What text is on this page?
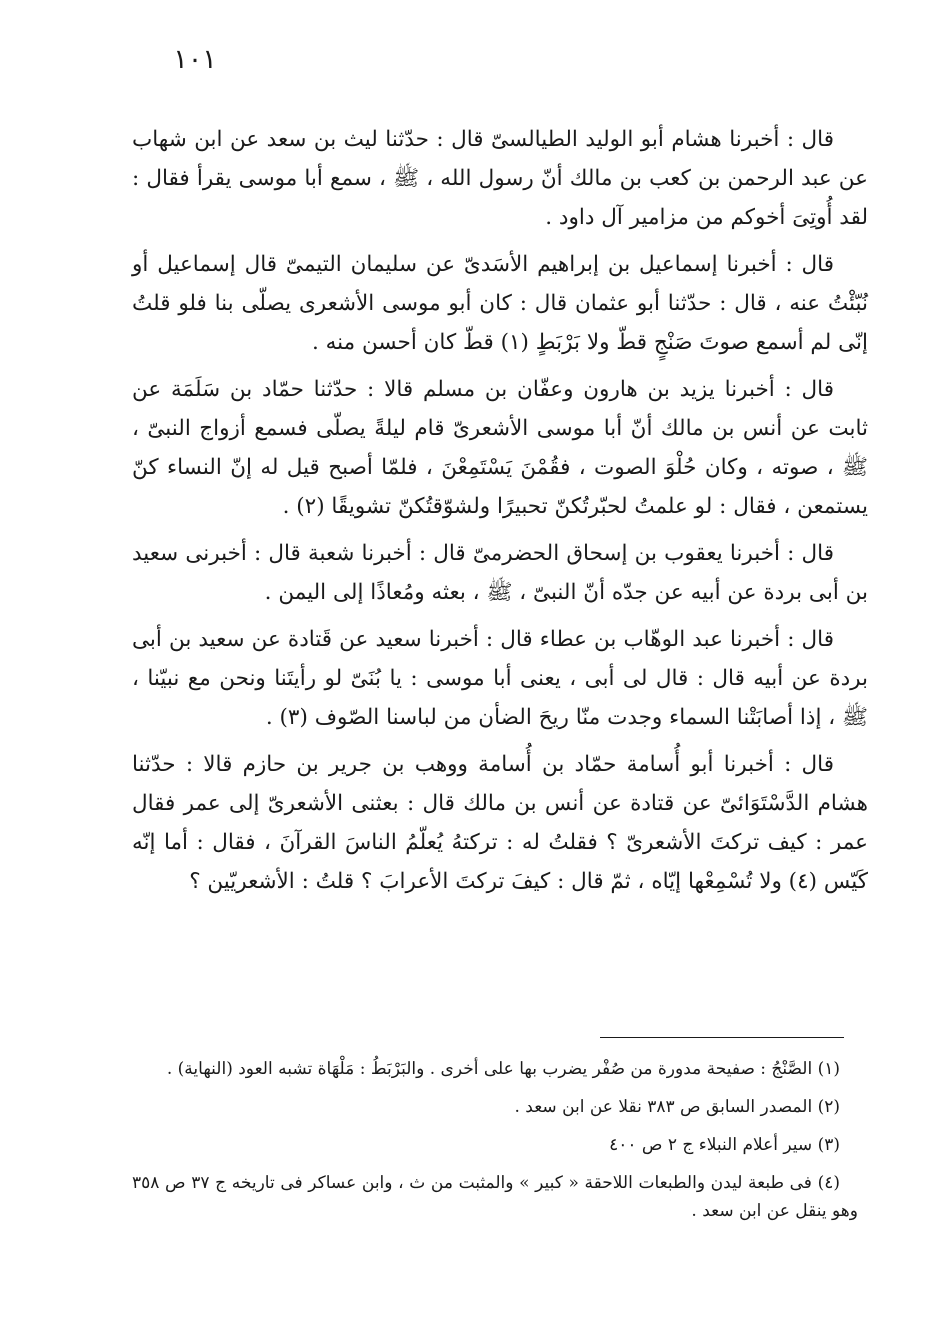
١٠١

قال : أخبرنا هشام أبو الوليد الطيالسىّ قال : حدّثنا ليث بن سعد عن ابن شهاب عن عبد الرحمن بن كعب بن مالك أنّ رسول الله ، ﷺ ، سمع أبا موسى يقرأ فقال : لقد أُوتِىَ أخوكم من مزامير آل داود .

قال : أخبرنا إسماعيل بن إبراهيم الأسَدىّ عن سليمان التيمىّ قال إسماعيل أو نُبّئْتُ عنه ، قال : حدّثنا أبو عثمان قال : كان أبو موسى الأشعرى يصلّى بنا فلو قلتُ إنّى لم أسمع صوتَ صَنْجٍ قطّ ولا بَرْبَطٍ (١) قطّ كان أحسن منه .

قال : أخبرنا يزيد بن هارون وعفّان بن مسلم قالا : حدّثنا حمّاد بن سَلَمَة عن ثابت عن أنس بن مالك أنّ أبا موسى الأشعرىّ قام ليلةً يصلّى فسمع أزواج النبىّ ، ﷺ ، صوته ، وكان حُلْوَ الصوت ، فقُمْنَ يَسْتَمِعْنَ ، فلمّا أصبح قيل له إنّ النساء كنّ يستمعن ، فقال : لو علمتُ لحبّرتُكنّ تحبيرًا ولشوّقتُكنّ تشويقًا (٢) .

قال : أخبرنا يعقوب بن إسحاق الحضرمىّ قال : أخبرنا شعبة قال : أخبرنى سعيد بن أبى بردة عن أبيه عن جدّه أنّ النبىّ ، ﷺ ، بعثه ومُعاذًا إلى اليمن .

قال : أخبرنا عبد الوهّاب بن عطاء قال : أخبرنا سعيد عن قَتادة عن سعيد بن أبى بردة عن أبيه قال : قال لى أبى ، يعنى أبا موسى : يا بُنَىّ لو رأيتَنا ونحن مع نبيّنا ، ﷺ ، إذا أصابَتْنا السماء وجدت منّا ريحَ الضأن من لباسنا الصّوف (٣) .

قال : أخبرنا أبو أُسامة حمّاد بن أُسامة ووهب بن جرير بن حازم قالا : حدّثنا هشام الدَّسْتَوَائىّ عن قتادة عن أنس بن مالك قال : بعثنى الأشعرىّ إلى عمر فقال عمر : كيف تركتَ الأشعرىّ ؟ فقلتُ له : تركتهُ يُعلّمُ الناسَ القرآنَ ، فقال : أما إنّه كَيّس (٤) ولا تُسْمِعْها إيّاه ، ثمّ قال : كيفَ تركتَ الأعرابَ ؟ قلتُ : الأشعريّين ؟

(١) الصَّنْجُ : صفيحة مدورة من صُفْر يضرب بها على أخرى . والبَرْبَطُ : مَلْهَاة تشبه العود (النهاية) .

(٢) المصدر السابق ص ٣٨٣ نقلا عن ابن سعد .

(٣) سير أعلام النبلاء ج ٢ ص ٤٠٠

(٤) فى طبعة ليدن والطبعات اللاحقة « كبير » والمثبت من ث ، وابن عساكر فى تاريخه ج ٣٧ ص ٣٥٨ وهو ينقل عن ابن سعد .
